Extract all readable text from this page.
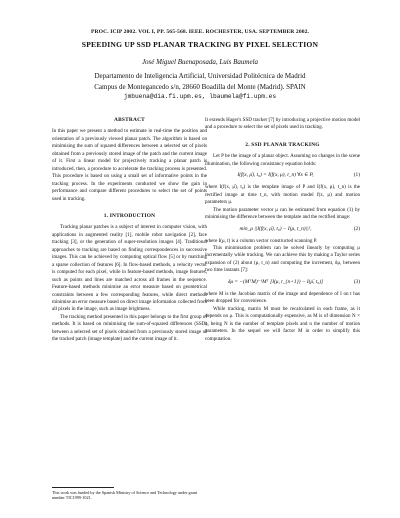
PROC. ICIP 2002. VOL I, PP. 565-568. IEEE. ROCHESTER, USA. SEPTEMBER 2002.
SPEEDING UP SSD PLANAR TRACKING BY PIXEL SELECTION
José Miguel Buenaposada, Luis Baumela
Departamento de Inteligencia Artificial, Universidad Politécnica de Madrid
Campus de Montegancedo s/n, 28660 Boadilla del Monte (Madrid). SPAIN
jmbuena@dia.fi.upm.es, lbaumela@fi.upm.es
ABSTRACT

In this paper we present a method to estimate in real-time the position and orientation of a previously viewed planar patch. The algorithm is based on minimising the sum of squared differences between a selected set of pixels obtained from a previously stored image of the patch and the current image of it. First a linear model for projectively tracking a planar patch is introduced, then, a procedure to accelerate the tracking process is presented. This procedure is based on using a small set of informative points in the tracking process. In the experiments conducted we show the gain in performance and compare different procedures to select the set of points used in tracking.

1. INTRODUCTION

Tracking planar patches is a subject of interest in computer vision, with applications in augmented reality [1], mobile robot navigation [2], face tracking [3], or the generation of super-resolution images [4]. Traditional approaches to tracking are based on finding correspondences in successive images. This can be achieved by computing optical flow [5] or by matching a sparse collection of features [6]. In flow-based methods, a velocity vector is computed for each pixel, while in feature-based methods, image features, such as points and lines are matched across all frames in the sequence. Feature-based methods minimise an error measure based on geometrical constraints between a few corresponding features, while direct methods minimise an error measure based on direct image information collected from all pixels in the image, such as image brightness.

The tracking method presented in this paper belongs to the first group of methods. It is based on minimising the sum-of-squared differences (SSD) between a selected set of pixels obtained from a previously stored image of the tracked patch (image template) and the current image of it.

This work was funded by the Spanish Ministry of Science and Technology under grant number TIC1999-1021.

It extends Hager's SSD tracker [7] by introducing a projective motion model and a procedure to select the set of pixels used in tracking.

2. SSD PLANAR TRACKING

Let P be the image of a planar object. Assuming no changes in the scene illumination, the following consistancy equation holds:

I(f(x, μ̄), t₀) = I(f(x, μ), t_n) ∀x ∈ P,	(1)

where I(f(x, μ̄), t₀) is the template image of P and I(f(x, μ), t_n) is the rectified image at time t_n, with motion model f(x, μ) and motion parameters μ.

The motion parameter vector μ can be estimated from equation (1) by minimising the difference between the template and the rectified image:

min_μ ||I(f(x, μ̄), t₀) − I(μ, t_n)||²,	(2)

where I(μ, t) is a column vector constructed scanning P.

This minimisation problem can be solved linearly by computing μ incrementally while tracking. We can achieve this by making a Taylor series expansion of (2) about (μ, t_n) and computing the increment, δμ, between two time instants [7]:

δμ = −(MᵀM)⁻¹Mᵀ [I(μ, t_{n+1}) − I(μ̄, t₀)]	(3)

where M is the Jacobian matrix of the image and dependence of I on t has been dropped for convenience.

While tracking, matrix M must be recalculated in each frame, as it depends on μ. This is computationally expensive, as M is of dimension N × n, being N is the number of template pixels and n the number of motion parameters. In the sequel we will factor M in order to simplify this computation.
